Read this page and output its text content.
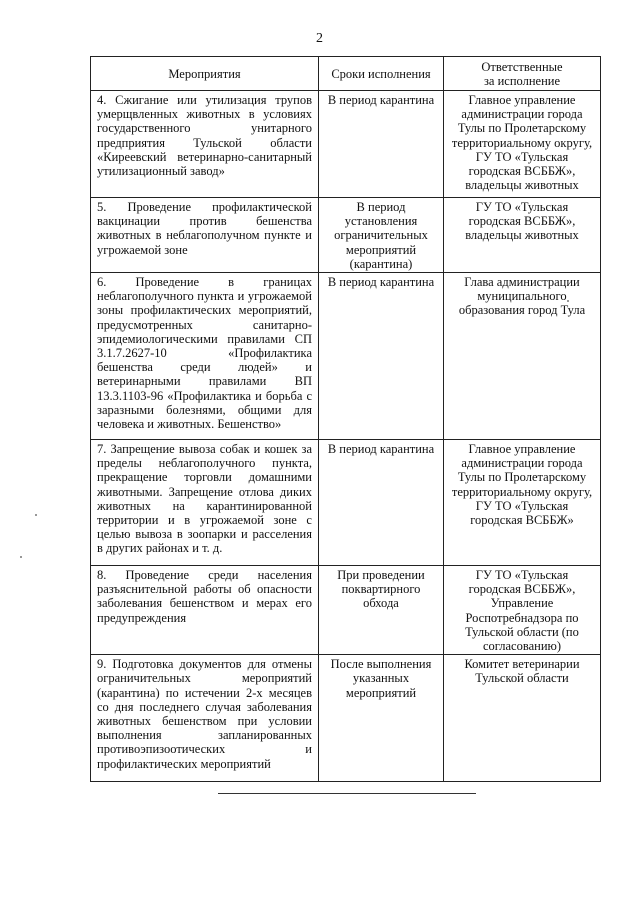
2
Мероприятия	Сроки исполнения	Ответственные
за исполнение
4. Сжигание или утилизация трупов умерщвленных животных в условиях государственного унитарного предприятия Тульской области «Киреевский ветеринарно-санитарный утилизационный завод»	В период карантина	Главное управление администрации города Тулы по Пролетарскому территориальному округу, ГУ ТО «Тульская городская ВСББЖ», владельцы животных
5. Проведение профилактической вакцинации против бешенства животных в неблагополучном пункте и угрожаемой зоне	В период установления ограничительных мероприятий (карантина)	ГУ ТО «Тульская городская ВСББЖ», владельцы животных
6. Проведение в границах неблагополучного пункта и угрожаемой зоны профилактических мероприятий, предусмотренных санитарно-эпидемиологическими правилами СП 3.1.7.2627-10 «Профилактика бешенства среди людей» и ветеринарными правилами ВП 13.3.1103-96 «Профилактика и борьба с заразными болезнями, общими для человека и животных. Бешенство»	В период карантина	Глава администрации муниципального образования город Тула
7. Запрещение вывоза собак и кошек за пределы неблагополучного пункта, прекращение торговли домашними животными. Запрещение отлова диких животных на карантинированной территории и в угрожаемой зоне с целью вывоза в зоопарки и расселения в других районах и т. д.	В период карантина	Главное управление администрации города Тулы по Пролетарскому территориальному округу, ГУ ТО «Тульская городская ВСББЖ»
8. Проведение среди населения разъяснительной работы об опасности заболевания бешенством и мерах его предупреждения	При проведении поквартирного обхода	ГУ ТО «Тульская городская ВСББЖ», Управление Роспотребнадзора по Тульской области (по согласованию)
9. Подготовка документов для отмены ограничительных мероприятий (карантина) по истечении 2-х месяцев со дня последнего случая заболевания животных бешенством при условии выполнения запланированных противоэпизоотических и профилактических мероприятий	После выполнения указанных мероприятий	Комитет ветеринарии Тульской области
